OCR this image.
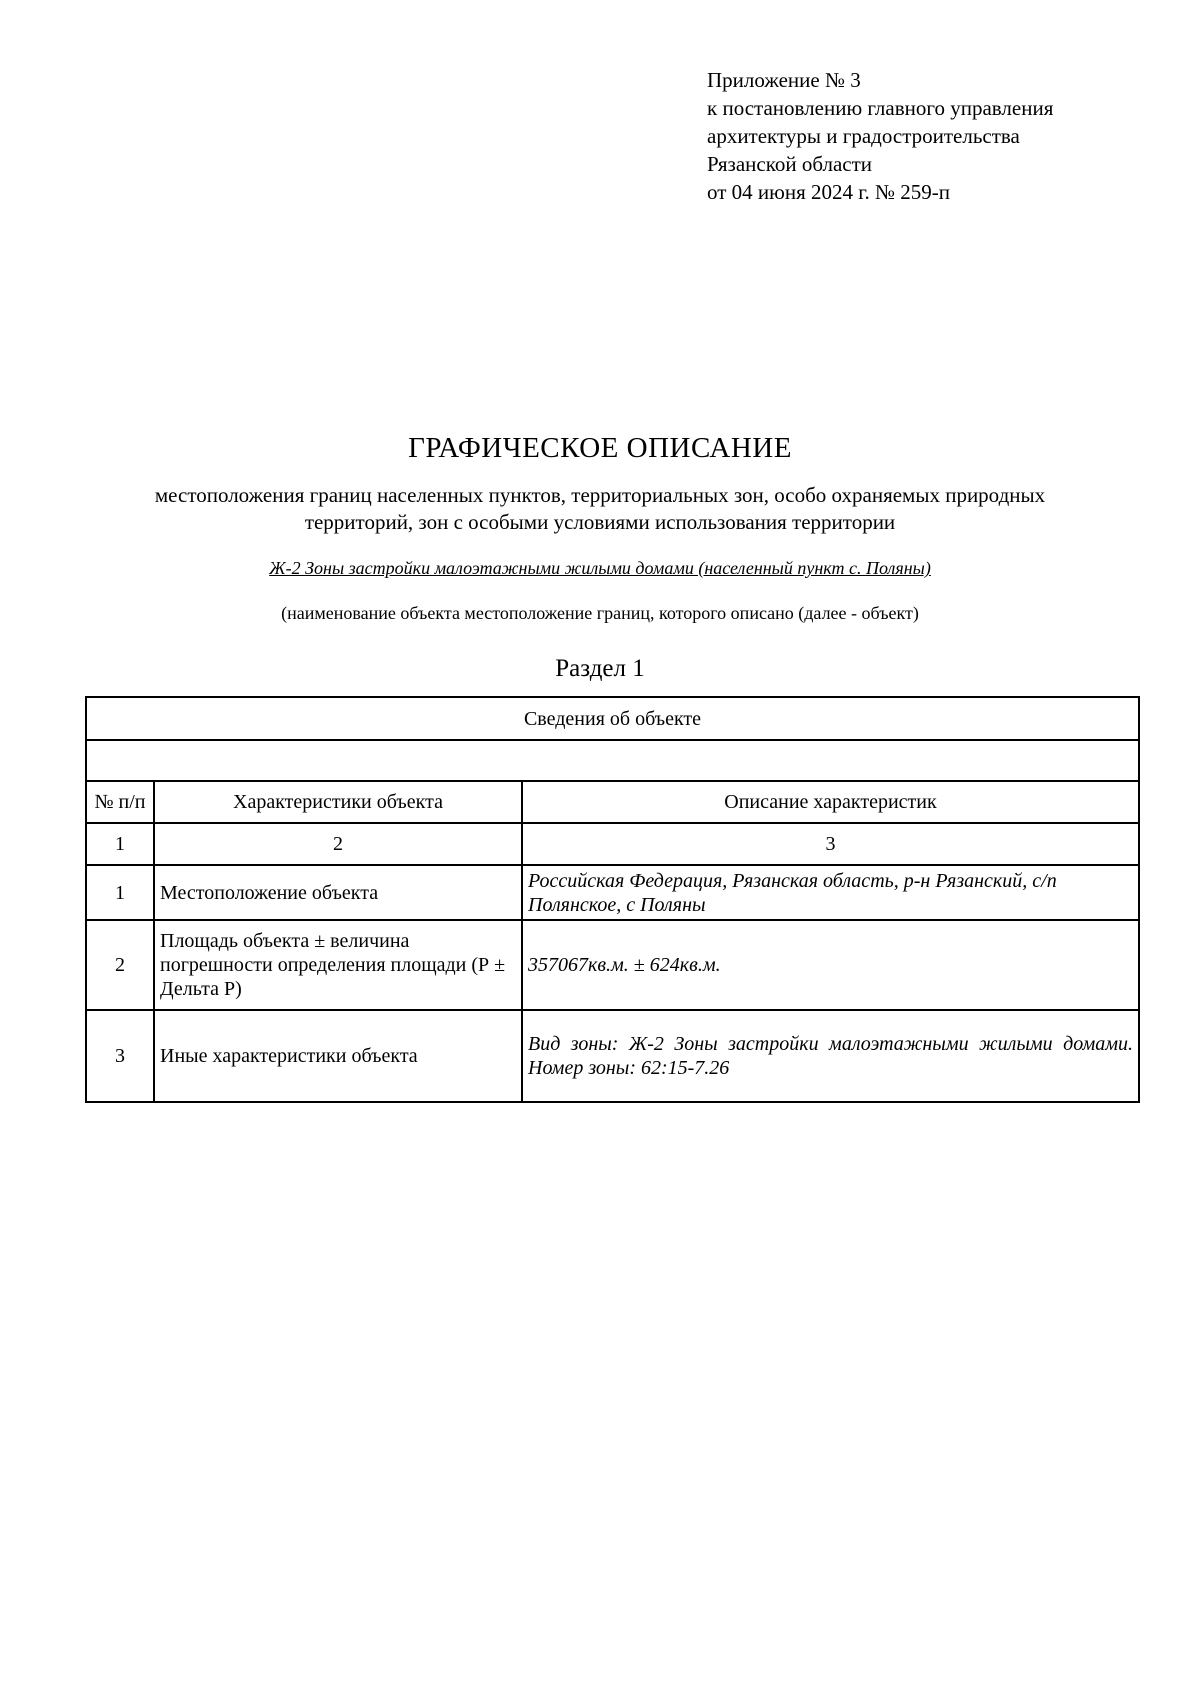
Приложение № 3
к постановлению главного управления
архитектуры и градостроительства
Рязанской области
от 04 июня 2024 г. № 259-п
ГРАФИЧЕСКОЕ ОПИСАНИЕ
местоположения границ населенных пунктов, территориальных зон, особо охраняемых природных
территорий, зон с особыми условиями использования территории
Ж-2 Зоны застройки малоэтажными жилыми домами (населенный пункт с. Поляны)
(наименование объекта местоположение границ, которого описано (далее - объект)
Раздел 1
Сведения об объекте		

№ п/п	Характеристики объекта	Описание характеристик
1	2	3
1	Местоположение объекта	Российская Федерация, Рязанская область, р-н Рязанский, с/п Полянское, с Поляны
2	Площадь объекта ± величина погрешности определения площади (Р ± Дельта Р)	357067кв.м. ± 624кв.м.
3	Иные характеристики объекта	Вид зоны: Ж-2 Зоны застройки малоэтажными жилыми домами. Номер зоны: 62:15-7.26
